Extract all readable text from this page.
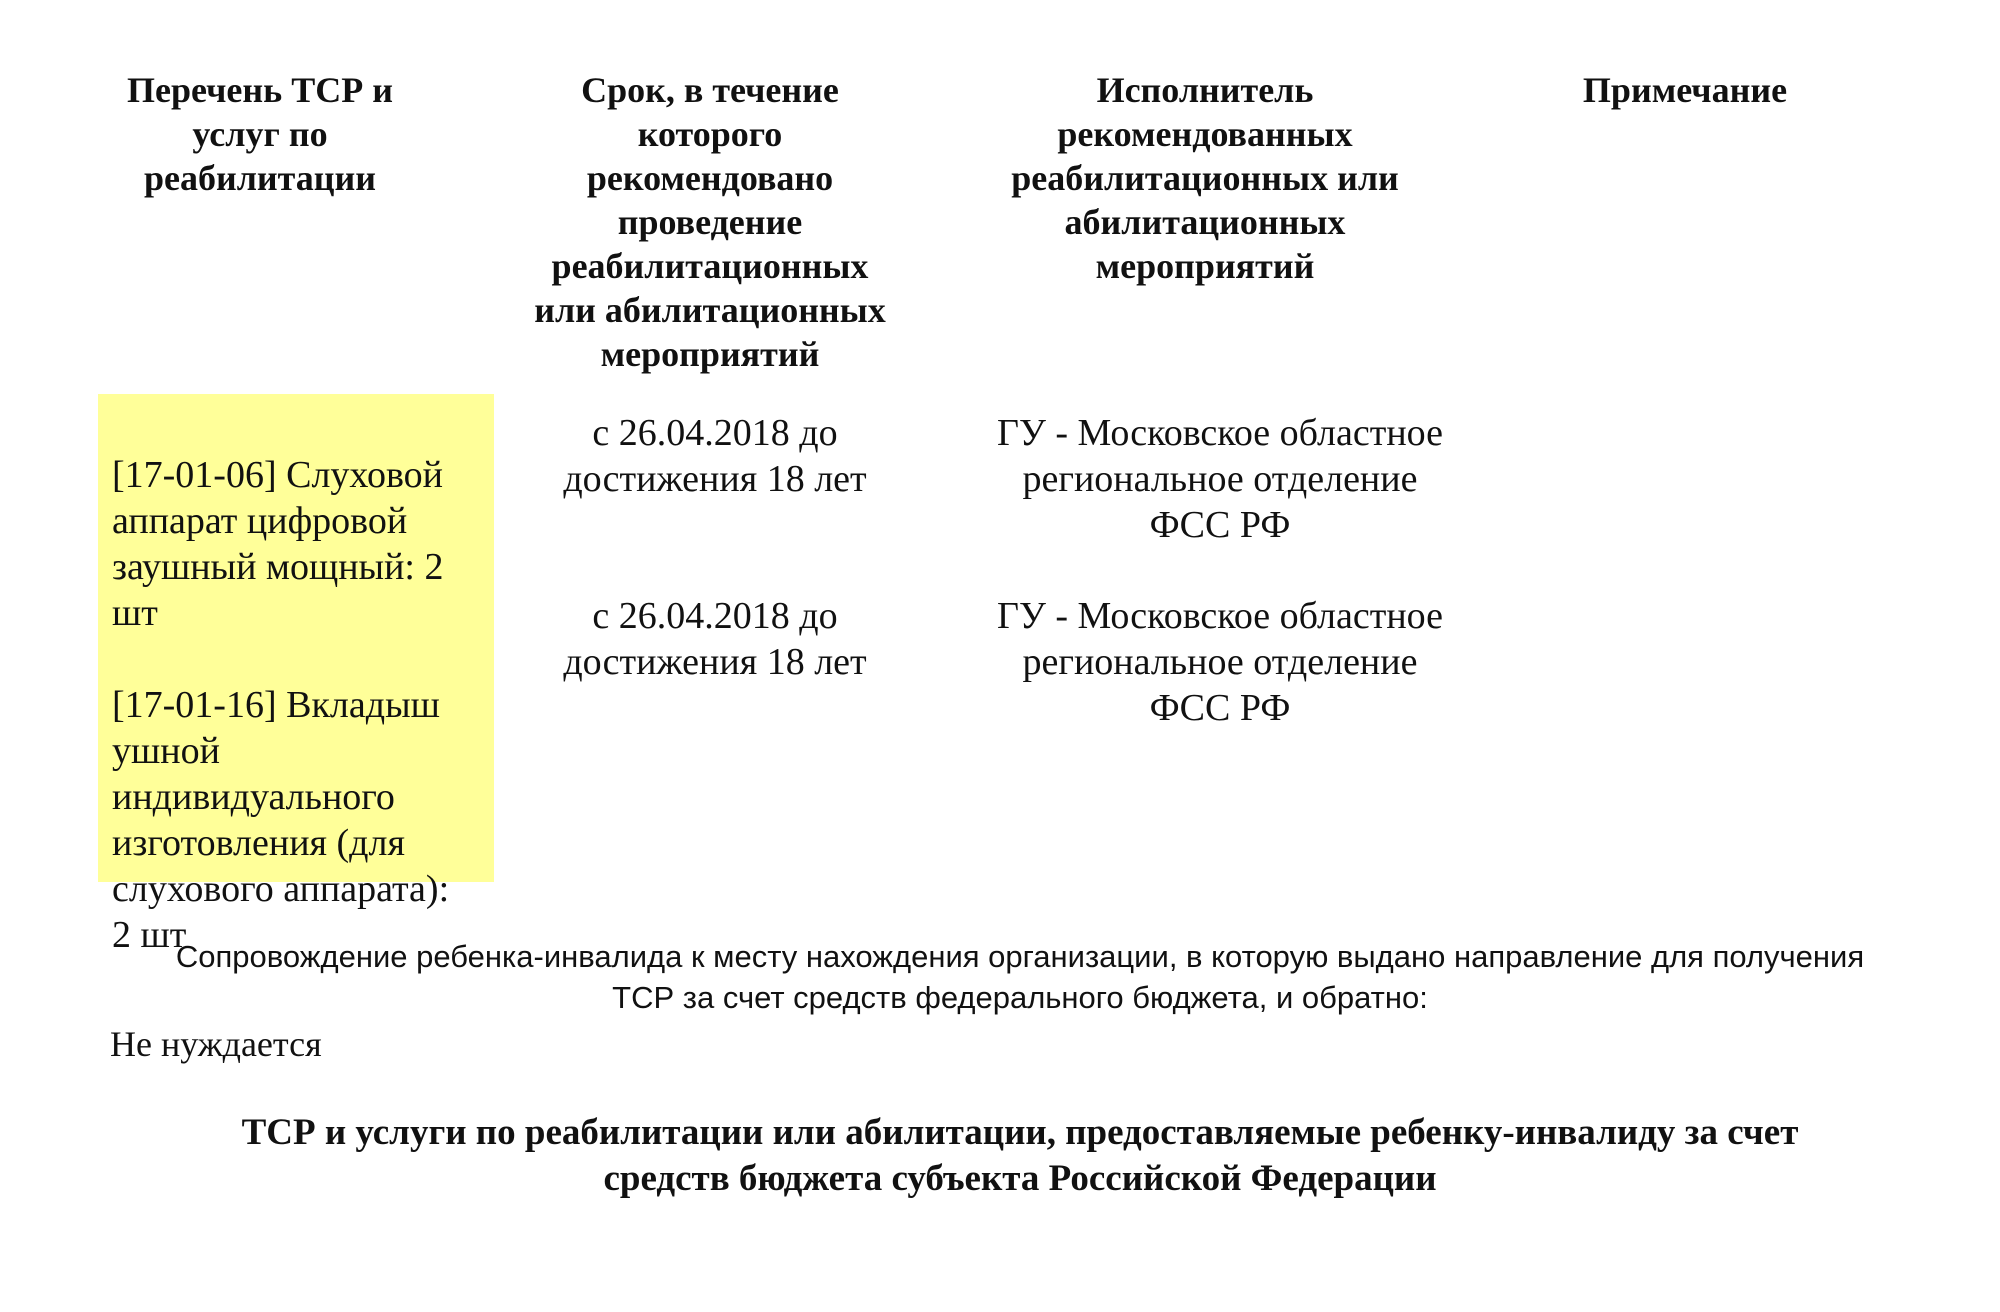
Перечень ТСР и
услуг по
реабилитации
Срок, в течение
которого
рекомендовано
проведение
реабилитационных
или абилитационных
мероприятий
Исполнитель
рекомендованных
реабилитационных или
абилитационных
мероприятий
Примечание

[17-01-06] Слуховой
аппарат цифровой
заушный мощный: 2
шт

[17-01-16] Вкладыш
ушной
индивидуального
изготовления (для
слухового аппарата):
2 шт

с 26.04.2018 до
достижения 18 лет
ГУ - Московское областное
региональное отделение
ФСС РФ
с 26.04.2018 до
достижения 18 лет
ГУ - Московское областное
региональное отделение
ФСС РФ
Сопровождение ребенка-инвалида к месту нахождения организации, в которую выдано направление для получения
ТСР за счет средств федерального бюджета, и обратно:
Не нуждается
ТСР и услуги по реабилитации или абилитации, предоставляемые ребенку-инвалиду за счет
средств бюджета субъекта Российской Федерации
